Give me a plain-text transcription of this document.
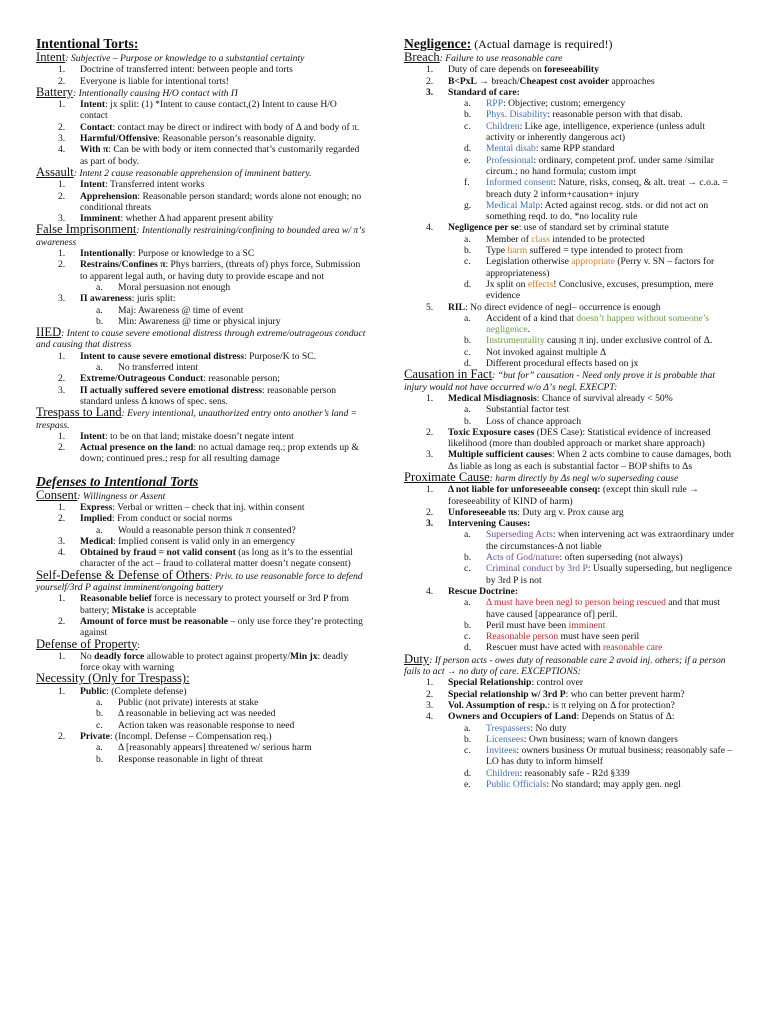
Intentional Torts:
Intent: Subjective – Purpose or knowledge to a substantial certainty
1. Doctrine of transferred intent: between people and torts
2. Everyone is liable for intentional torts!
Battery: Intentionally causing H/O contact with Π
1. Intent: jx split: (1) *Intent to cause contact,(2) Intent to cause H/O contact
2. Contact: contact may be direct or indirect with body of Δ and body of π.
3. Harmful/Offensive: Reasonable person’s reasonable dignity.
4. With π: Can be with body or item connected that’s customarily regarded as part of body.
Assault: Intent 2 cause reasonable apprehension of imminent battery.
1. Intent: Transferred intent works
2. Apprehension: Reasonable person standard; words alone not enough; no conditional threats
3. Imminent: whether Δ had apparent present ability
False Imprisonment: Intentionally restraining/confining to bounded area w/ π’s awareness
1. Intentionally: Purpose or knowledge to a SC
2. Restrains/Confines π: Phys barriers, (threats of) phys force, Submission to apparent legal auth, or having duty to provide escape and not
a. Moral persuasion not enough
3. Π awareness: juris split:
a. Maj: Awareness @ time of event
b. Min: Awareness @ time or physical injury
IIED: Intent to cause severe emotional distress through extreme/outrageous conduct and causing that distress
1. Intent to cause severe emotional distress: Purpose/K to SC.
a. No transferred intent
2. Extreme/Outrageous Conduct: reasonable person;
3. Π actually suffered severe emotional distress: reasonable person standard unless Δ knows of spec. sens.
Trespass to Land: Every intentional, unauthorized entry onto another’s land = trespass.
1. Intent: to be on that land; mistake doesn’t negate intent
2. Actual presence on the land: no actual damage req.; prop extends up & down; continued pres.; resp for all resulting damage
Defenses to Intentional Torts
Consent: Willingness or Assent
1. Express: Verbal or written – check that inj. within consent
2. Implied: From conduct or social norms
a. Would a reasonable person think π consented?
3. Medical: Implied consent is valid only in an emergency
4. Obtained by fraud = not valid consent (as long as it’s to the essential character of the act – fraud to collateral matter doesn’t negate consent)
Self-Defense & Defense of Others: Priv. to use reasonable force to defend yourself/3rd P against imminent/ongoing battery
1. Reasonable belief force is necessary to protect yourself or 3rd P from battery; Mistake is acceptable
2. Amount of force must be reasonable – only use force they’re protecting against
Defense of Property:
1. No deadly force allowable to protect against property/Min jx: deadly force okay with warning
Necessity (Only for Trespass):
1. Public: (Complete defense)
a. Public (not private) interests at stake
b. Δ reasonable in believing act was needed
c. Action taken was reasonable response to need
2. Private: (Incompl. Defense – Compensation req.)
a. Δ [reasonably appears] threatened w/ serious harm
b. Response reasonable in light of threat
Negligence: (Actual damage is required!)
Breach: Failure to use reasonable care
1. Duty of care depends on foreseeability
2. B<PxL → breach/Cheapest cost avoider approaches
3. Standard of care:
a. RPP: Objective; custom; emergency
b. Phys. Disability: reasonable person with that disab.
c. Children: Like age, intelligence, experience (unless adult activity or inherently dangerous act)
d. Mental disab: same RPP standard
e. Professional: ordinary, competent prof. under same /similar circum.; no hand formula; custom impt
f. Informed consent: Nature, risks, conseq, & alt. treat → c.o.a. = breach duty 2 inform+causation+ injury
g. Medical Malp: Acted against recog. stds. or did not act on something reqd. to do. *no locality rule
4. Negligence per se: use of standard set by criminal statute
a. Member of class intended to be protected
b. Type harm suffered = type intended to protect from
c. Legislation otherwise appropriate (Perry v. SN – factors for appropriateness)
d. Jx split on effects! Conclusive, excuses, presumption, mere evidence
5. RIL: No direct evidence of negl– occurrence is enough
a. Accident of a kind that doesn’t happen without someone’s negligence.
b. Instrumentality causing π inj. under exclusive control of Δ.
c. Not invoked against multiple Δ
d. Different procedural effects based on jx
Causation in Fact: “but for” causation - Need only prove it is probable that injury would not have occurred w/o Δ’s negl. EXECPT:
1. Medical Misdiagnosis: Chance of survival already < 50%
a. Substantial factor test
b. Loss of chance approach
2. Toxic Exposure cases (DES Case): Statistical evidence of increased likelihood (more than doubled approach or market share approach)
3. Multiple sufficient causes: When 2 acts combine to cause damages, both Δs liable as long as each is substantial factor – BOP shifts to Δs
Proximate Cause: harm directly by Δs negl w/o superseding cause
1. Δ not liable for unforeseeable conseq: (except thin skull rule → foreseeability of KIND of harm)
2. Unforeseeable πs: Duty arg v. Prox cause arg
3. Intervening Causes:
a. Superseding Acts: when intervening act was extraordinary under the circumstances-Δ not liable
b. Acts of God/nature: often superseding (not always)
c. Criminal conduct by 3rd P: Usually superseding, but negligence by 3rd P is not
4. Rescue Doctrine:
a. Δ must have been negl to person being rescued and that must have caused [appearance of] peril.
b. Peril must have been imminent
c. Reasonable person must have seen peril
d. Rescuer must have acted with reasonable care
Duty: If person acts - owes duty of reasonable care 2 avoid inj. others; if a person fails to act → no duty of care. EXCEPTIONS:
1. Special Relationship: control over
2. Special relationship w/ 3rd P: who can better prevent harm?
3. Vol. Assumption of resp.: is π relying on Δ for protection?
4. Owners and Occupiers of Land: Depends on Status of Δ:
a. Trespassers: No duty
b. Licensees: Own business; warn of known dangers
c. Invitees: owners business Or mutual business; reasonably safe – LO has duty to inform himself
d. Children: reasonably safe - R2d §339
e. Public Officials: No standard; may apply gen. negl
